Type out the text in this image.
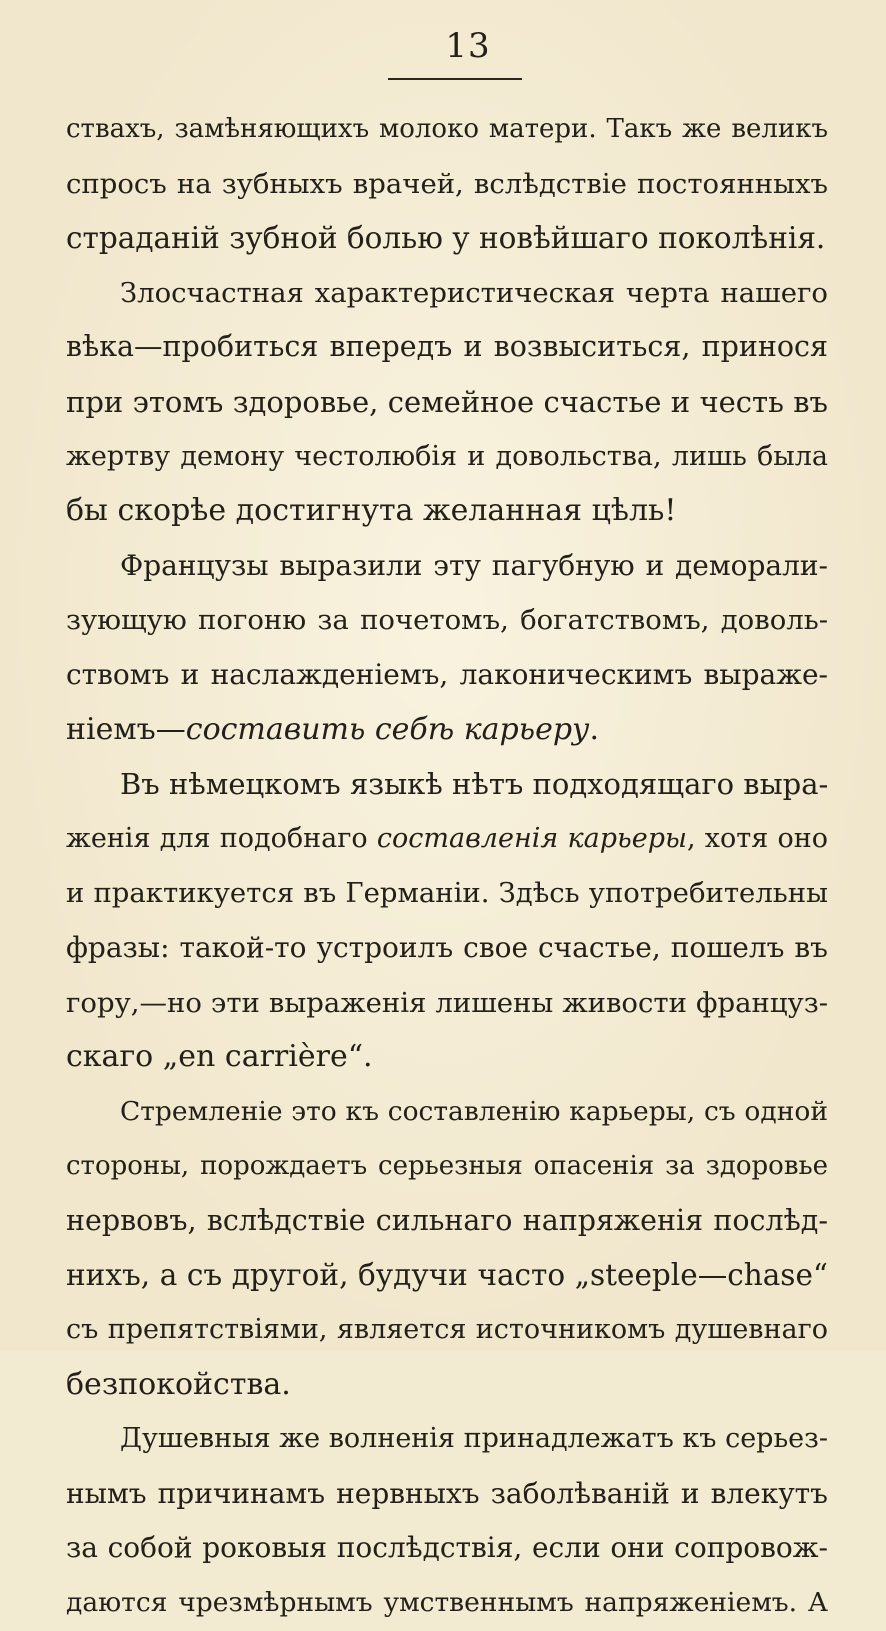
13
ствахъ, замѣняющихъ молоко матери. Такъ же великъ
спросъ на зубныхъ врачей, вслѣдствіе постоянныхъ
страданій зубной болью у новѣйшаго поколѣнія.
Злосчастная характеристическая черта нашего
вѣка—пробиться впередъ и возвыситься, принося
при этомъ здоровье, семейное счастье и честь въ
жертву демону честолюбія и довольства, лишь была
бы скорѣе достигнута желанная цѣль!
Французы выразили эту пагубную и деморали-
зующую погоню за почетомъ, богатствомъ, доволь-
ствомъ и наслажденіемъ, лаконическимъ выраже-
ніемъ—составить себѣ карьеру.
Въ нѣмецкомъ языкѣ нѣтъ подходящаго выра-
женія для подобнаго составленія карьеры, хотя оно
и практикуется въ Германіи. Здѣсь употребительны
фразы: такой-то устроилъ свое счастье, пошелъ въ
гору,—но эти выраженія лишены живости француз-
скаго „en carrière“.
Стремленіе это къ составленію карьеры, съ одной
стороны, порождаетъ серьезныя опасенія за здоровье
нервовъ, вслѣдствіе сильнаго напряженія послѣд-
нихъ, а съ другой, будучи часто „steeple—chase“
съ препятствіями, является источникомъ душевнаго
безпокойства.
Душевныя же волненія принадлежатъ къ серьез-
нымъ причинамъ нервныхъ заболѣваній и влекутъ
за собой роковыя послѣдствія, если они сопровож-
даются чрезмѣрнымъ умственнымъ напряженіемъ. А
